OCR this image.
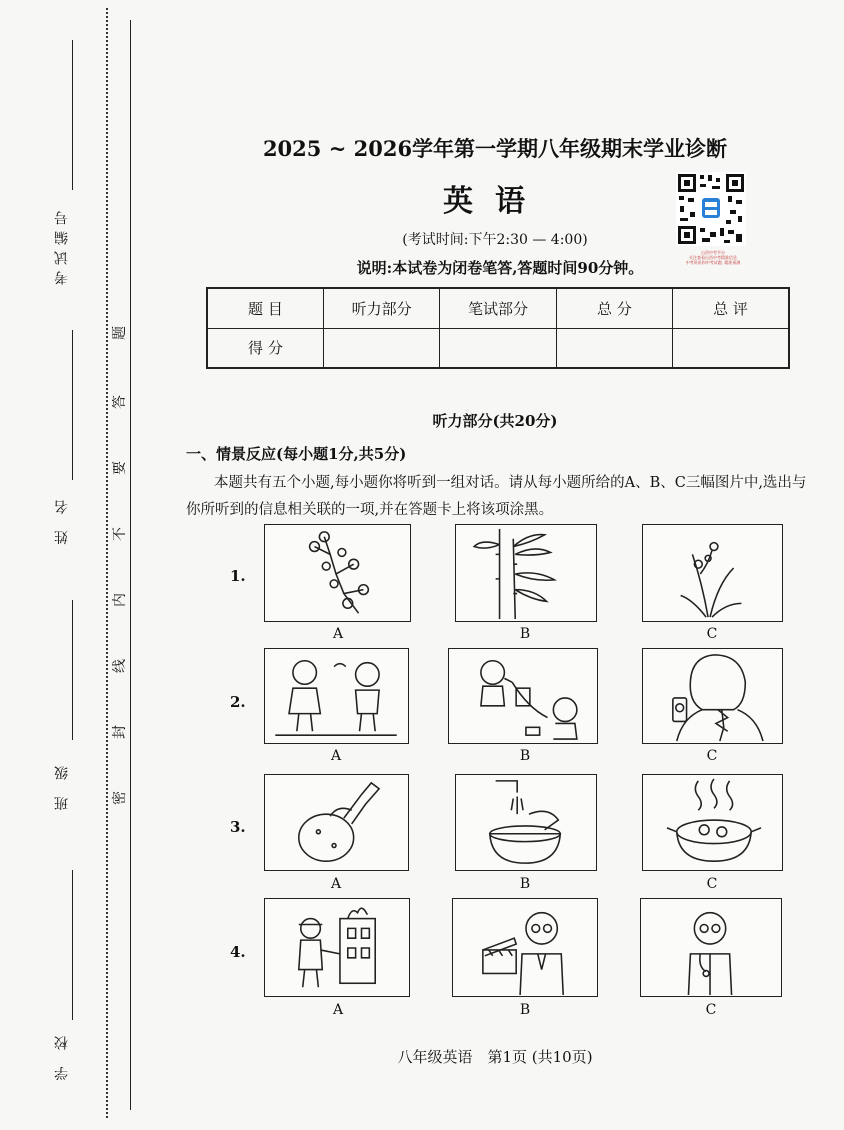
考试编号
姓 名
班 级
学 校
题
答
要
不
内
线
封
密
2025 ~ 2026学年第一学期八年级期末学业诊断
英语
(考试时间:下午2:30 — 4:00)
说明:本试卷为闭卷笔答,答题时间90分钟。
山西中考平台
关注查看山西中考精准信息
中考资讯和中考试题, 精准预测
题 目	听力部分	笔试部分	总 分	总 评
得 分				
听力部分(共20分)
一、情景反应(每小题1分,共5分)
本题共有五个小题,每小题你将听到一组对话。请从每小题所给的A、B、C三幅图片中,选出与你所听到的信息相关联的一项,并在答题卡上将该项涂黑。
1.
A	B	C
2.
A	B	C
3.
A	B	C
4.
A	B	C
八年级英语　第1页 (共10页)
